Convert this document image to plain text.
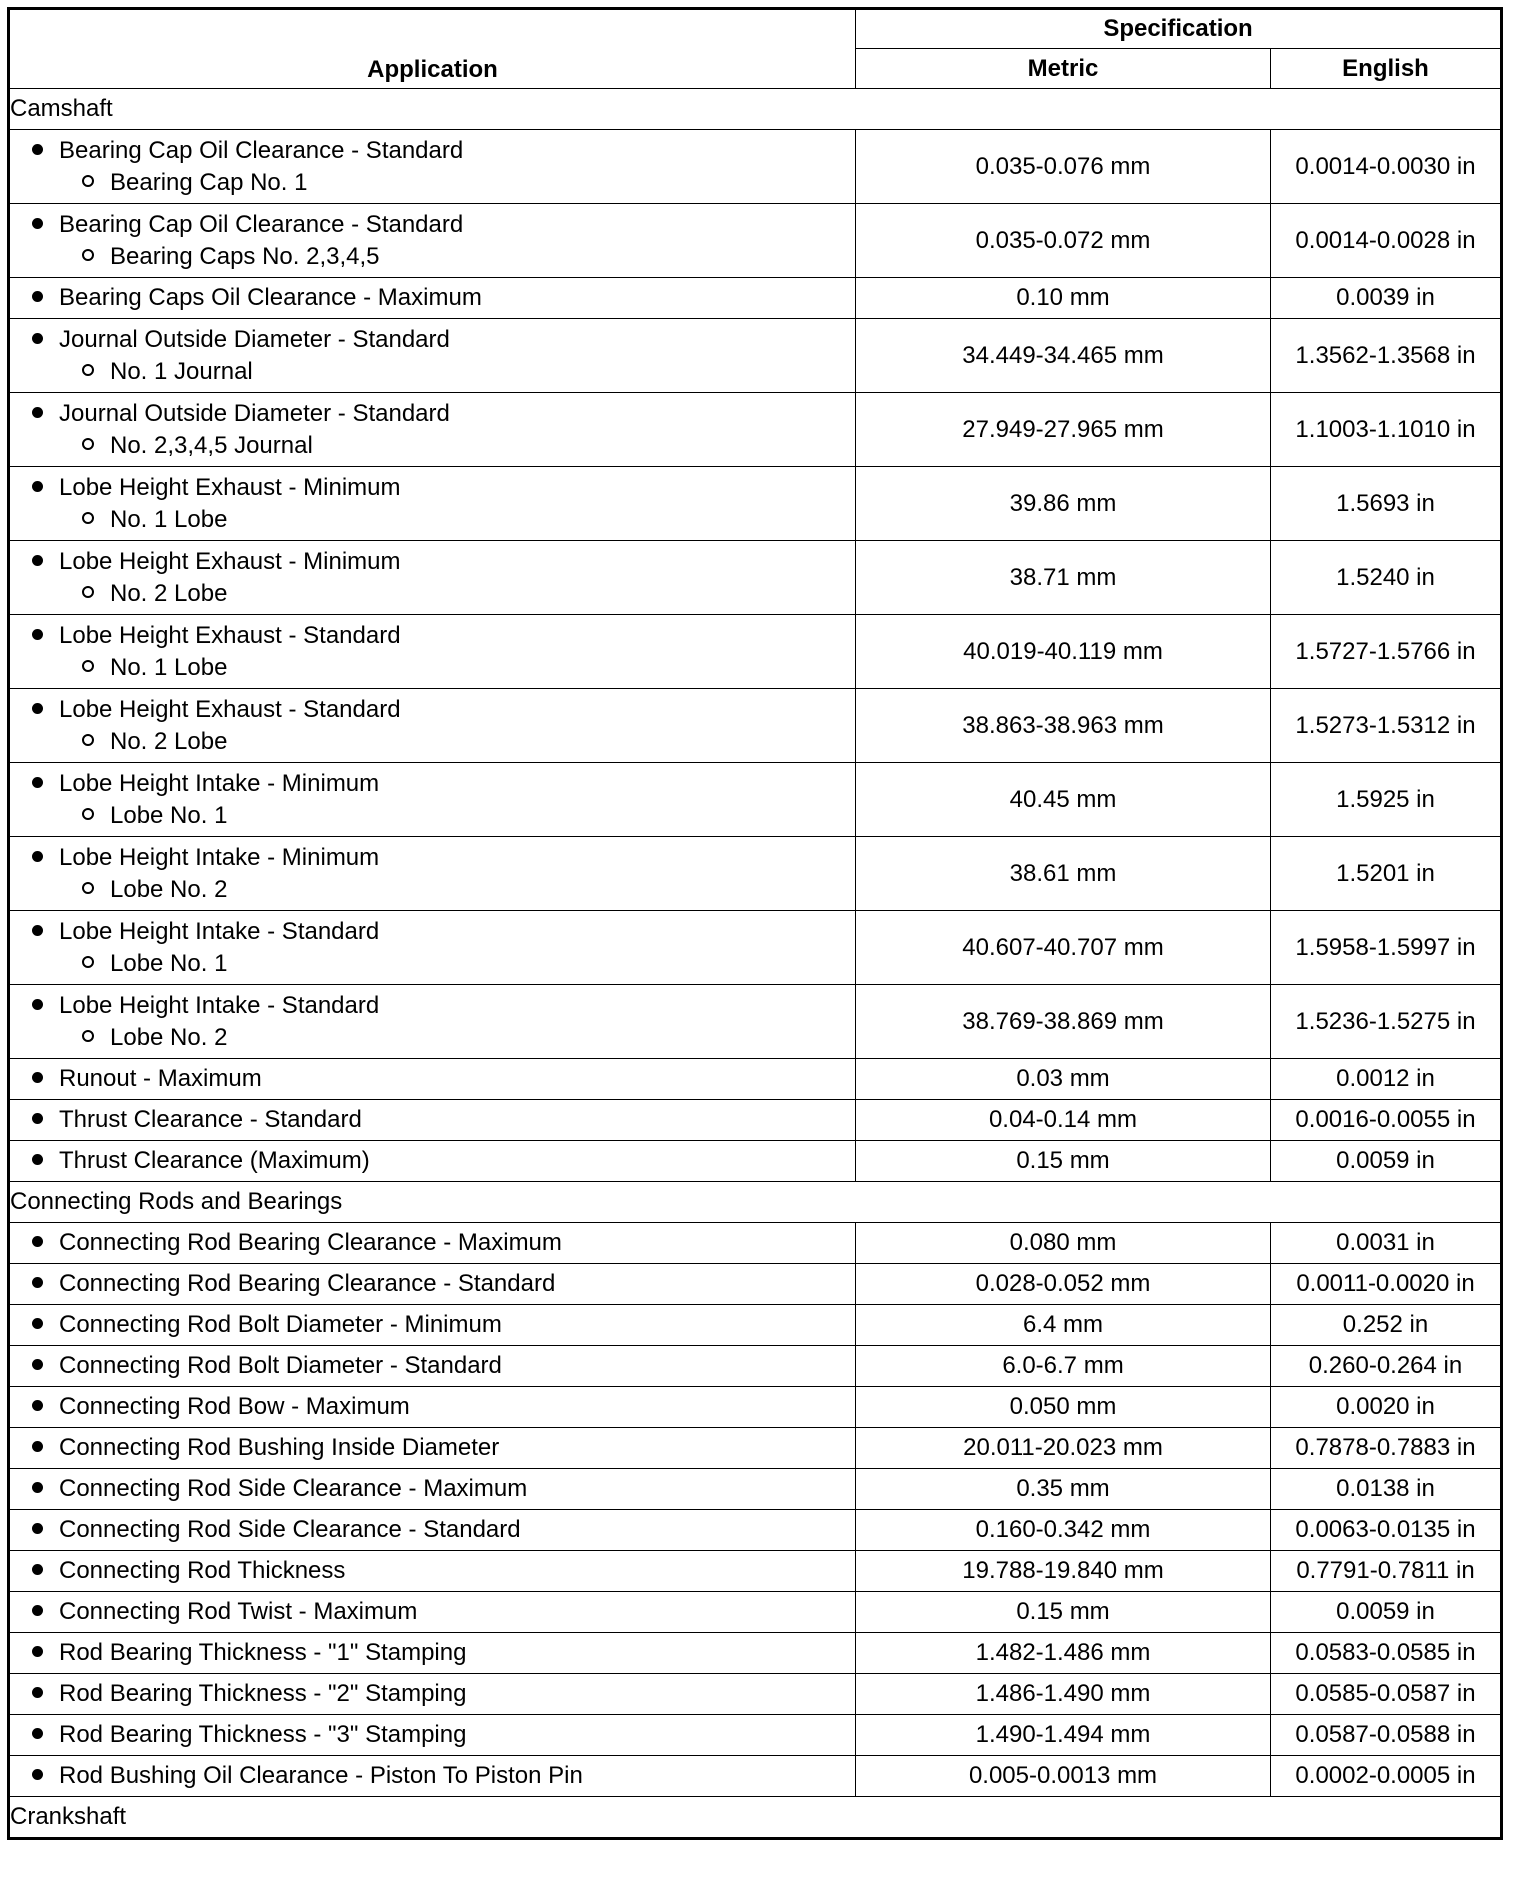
Application	Specification	
	Metric	English
Camshaft		

Bearing Cap Oil Clearance - Standard
Bearing Cap No. 1	0.035-0.076 mm	0.0014-0.0030 in

Bearing Cap Oil Clearance - Standard
Bearing Caps No. 2,3,4,5	0.035-0.072 mm	0.0014-0.0028 in

Bearing Caps Oil Clearance - Maximum	0.10 mm	0.0039 in

Journal Outside Diameter - Standard
No. 1 Journal	34.449-34.465 mm	1.3562-1.3568 in

Journal Outside Diameter - Standard
No. 2,3,4,5 Journal	27.949-27.965 mm	1.1003-1.1010 in

Lobe Height Exhaust - Minimum
No. 1 Lobe	39.86 mm	1.5693 in

Lobe Height Exhaust - Minimum
No. 2 Lobe	38.71 mm	1.5240 in

Lobe Height Exhaust - Standard
No. 1 Lobe	40.019-40.119 mm	1.5727-1.5766 in

Lobe Height Exhaust - Standard
No. 2 Lobe	38.863-38.963 mm	1.5273-1.5312 in

Lobe Height Intake - Minimum
Lobe No. 1	40.45 mm	1.5925 in

Lobe Height Intake - Minimum
Lobe No. 2	38.61 mm	1.5201 in

Lobe Height Intake - Standard
Lobe No. 1	40.607-40.707 mm	1.5958-1.5997 in

Lobe Height Intake - Standard
Lobe No. 2	38.769-38.869 mm	1.5236-1.5275 in

Runout - Maximum	0.03 mm	0.0012 in

Thrust Clearance - Standard	0.04-0.14 mm	0.0016-0.0055 in

Thrust Clearance (Maximum)	0.15 mm	0.0059 in
Connecting Rods and Bearings		

Connecting Rod Bearing Clearance - Maximum	0.080 mm	0.0031 in

Connecting Rod Bearing Clearance - Standard	0.028-0.052 mm	0.0011-0.0020 in

Connecting Rod Bolt Diameter - Minimum	6.4 mm	0.252 in

Connecting Rod Bolt Diameter - Standard	6.0-6.7 mm	0.260-0.264 in

Connecting Rod Bow - Maximum	0.050 mm	0.0020 in

Connecting Rod Bushing Inside Diameter	20.011-20.023 mm	0.7878-0.7883 in

Connecting Rod Side Clearance - Maximum	0.35 mm	0.0138 in

Connecting Rod Side Clearance - Standard	0.160-0.342 mm	0.0063-0.0135 in

Connecting Rod Thickness	19.788-19.840 mm	0.7791-0.7811 in

Connecting Rod Twist - Maximum	0.15 mm	0.0059 in

Rod Bearing Thickness - "1" Stamping	1.482-1.486 mm	0.0583-0.0585 in

Rod Bearing Thickness - "2" Stamping	1.486-1.490 mm	0.0585-0.0587 in

Rod Bearing Thickness - "3" Stamping	1.490-1.494 mm	0.0587-0.0588 in

Rod Bushing Oil Clearance - Piston To Piston Pin	0.005-0.0013 mm	0.0002-0.0005 in
Crankshaft		
